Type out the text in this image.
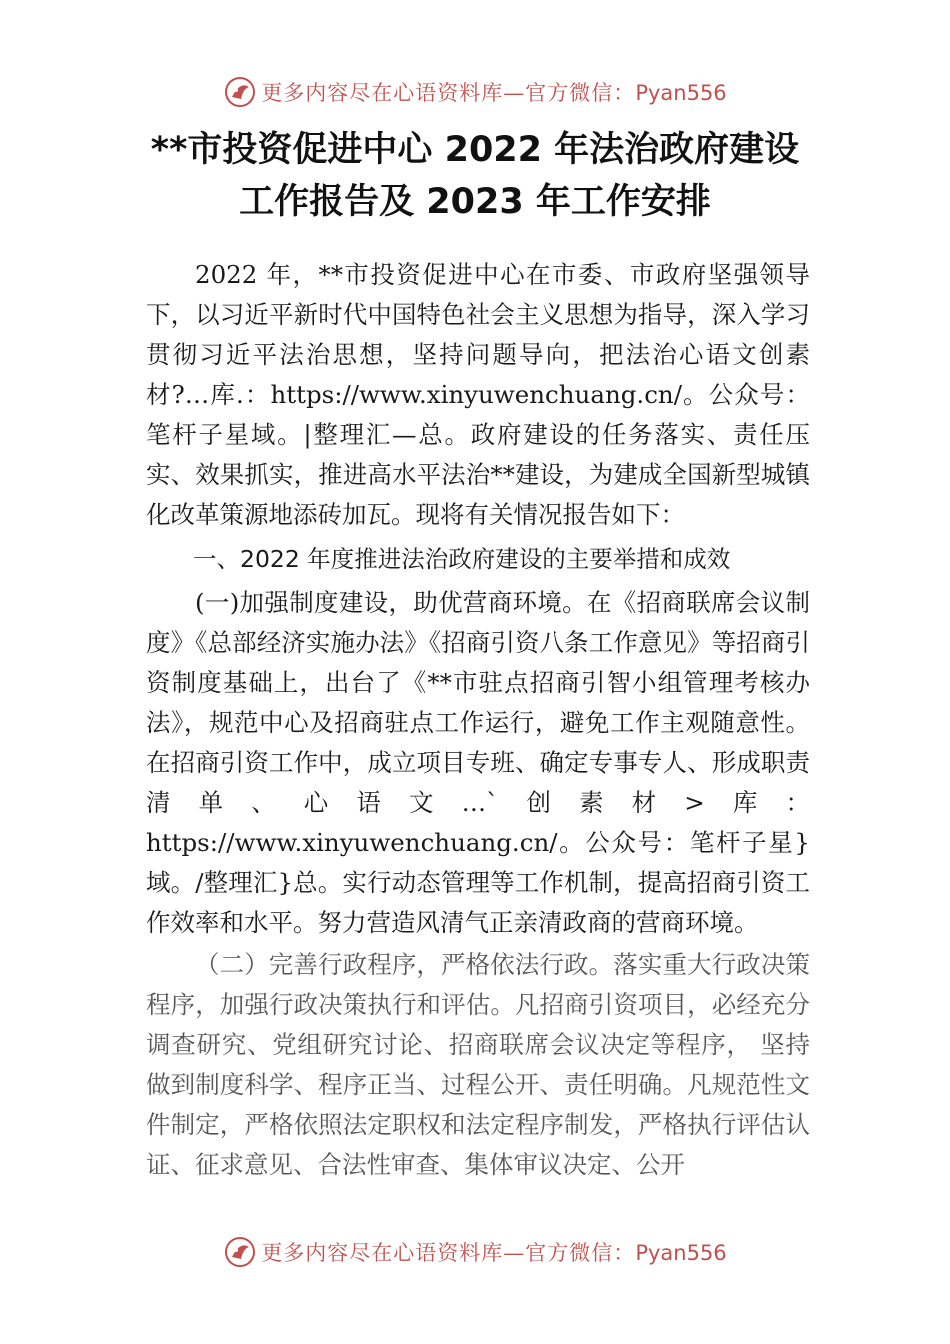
更多内容尽在心语资料库—官方微信：Pyan556
**市投资促进中心 2022 年法治政府建设
工作报告及 2023 年工作安排

2022 年，**市投资促进中心在市委、市政府坚强领导下，以习近平新时代中国特色社会主义思想为指导，深入学习贯彻习近平法治思想，坚持问题导向，把法治心语文创素材?…库.：https://www.xinyuwenchuang.cn/。公众号：笔杆子星域。|整理汇—总。政府建设的任务落实、责任压实、效果抓实，推进高水平法治**建设，为建成全国新型城镇化改革策源地添砖加瓦。现将有关情况报告如下：

一、2022 年度推进法治政府建设的主要举措和成效

(一)加强制度建设，助优营商环境。在《招商联席会议制度》《总部经济实施办法》《招商引资八条工作意见》等招商引资制度基础上，出台了《**市驻点招商引智小组管理考核办法》，规范中心及招商驻点工作运行，避免工作主观随意性。在招商引资工作中，成立项目专班、确定专事专人、形成职责清单、心语文…`创素材>库：https://www.xinyuwenchuang.cn/。公众号：笔杆子星}域。/整理汇}总。实行动态管理等工作机制，提高招商引资工作效率和水平。努力营造风清气正亲清政商的营商环境。

（二）完善行政程序，严格依法行政。落实重大行政决策程序，加强行政决策执行和评估。凡招商引资项目，必经充分调查研究、党组研究讨论、招商联席会议决定等程序， 坚持做到制度科学、程序正当、过程公开、责任明确。凡规范性文件制定，严格依照法定职权和法定程序制发，严格执行评估认证、征求意见、合法性审查、集体审议决定、公开

更多内容尽在心语资料库—官方微信：Pyan556
